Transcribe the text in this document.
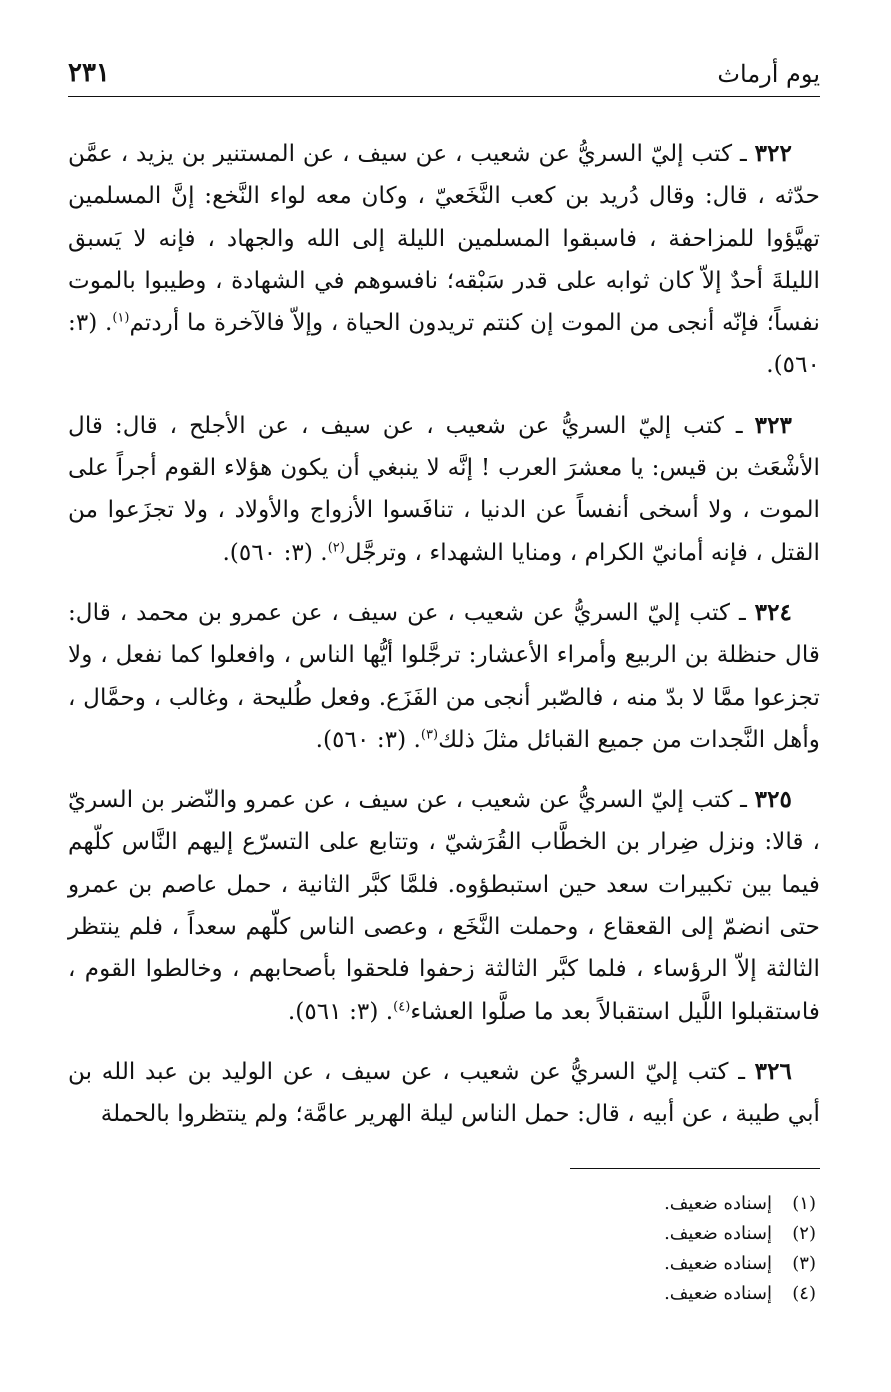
يوم أرماث
٢٣١

٣٢٢ ـ كتب إليّ السريُّ عن شعيب ، عن سيف ، عن المستنير بن يزيد ، عمَّن حدّثه ، قال: وقال دُريد بن كعب النَّخَعيّ ، وكان معه لواء النَّخع: إنَّ المسلمين تهيَّؤوا للمزاحفة ، فاسبقوا المسلمين الليلة إلى الله والجهاد ، فإنه لا يَسبق الليلةَ أحدٌ إلاّ كان ثوابه على قدر سَبْقه؛ نافسوهم في الشهادة ، وطيبوا بالموت نفساً؛ فإنّه أنجى من الموت إن كنتم تريدون الحياة ، وإلاّ فالآخرة ما أردتم$^{(١)}$. (٣: ٥٦٠).

٣٢٣ ـ كتب إليّ السريُّ عن شعيب ، عن سيف ، عن الأجلح ، قال: قال الأشْعَث بن قيس: يا معشرَ العرب ! إنَّه لا ينبغي أن يكون هؤلاء القوم أجراً على الموت ، ولا أسخى أنفساً عن الدنيا ، تنافَسوا الأزواج والأولاد ، ولا تجزَعوا من القتل ، فإنه أمانيّ الكرام ، ومنايا الشهداء ، وترجَّل$^{(٢)}$. (٣: ٥٦٠).

٣٢٤ ـ كتب إليّ السريُّ عن شعيب ، عن سيف ، عن عمرو بن محمد ، قال: قال حنظلة بن الربيع وأمراء الأعشار: ترجَّلوا أيُّها الناس ، وافعلوا كما نفعل ، ولا تجزعوا ممَّا لا بدّ منه ، فالصّبر أنجى من الفَزَع. وفعل طُليحة ، وغالب ، وحمَّال ، وأهل النَّجدات من جميع القبائل مثلَ ذلك$^{(٣)}$. (٣: ٥٦٠).

٣٢٥ ـ كتب إليّ السريُّ عن شعيب ، عن سيف ، عن عمرو والنّضر بن السريّ ، قالا: ونزل ضِرار بن الخطَّاب القُرَشيّ ، وتتابع على التسرّع إليهم النَّاس كلّهم فيما بين تكبيرات سعد حين استبطؤوه. فلمَّا كبَّر الثانية ، حمل عاصم بن عمرو حتى انضمّ إلى القعقاع ، وحملت النَّخَع ، وعصى الناس كلّهم سعداً ، فلم ينتظر الثالثة إلاّ الرؤساء ، فلما كبَّر الثالثة زحفوا فلحقوا بأصحابهم ، وخالطوا القوم ، فاستقبلوا اللَّيل استقبالاً بعد ما صلَّوا العشاء$^{(٤)}$. (٣: ٥٦١).

٣٢٦ ـ كتب إليّ السريُّ عن شعيب ، عن سيف ، عن الوليد بن عبد الله بن أبي طيبة ، عن أبيه ، قال: حمل الناس ليلة الهرير عامَّة؛ ولم ينتظروا بالحملة

(١)إسناده ضعيف.
(٢)إسناده ضعيف.
(٣)إسناده ضعيف.
(٤)إسناده ضعيف.
